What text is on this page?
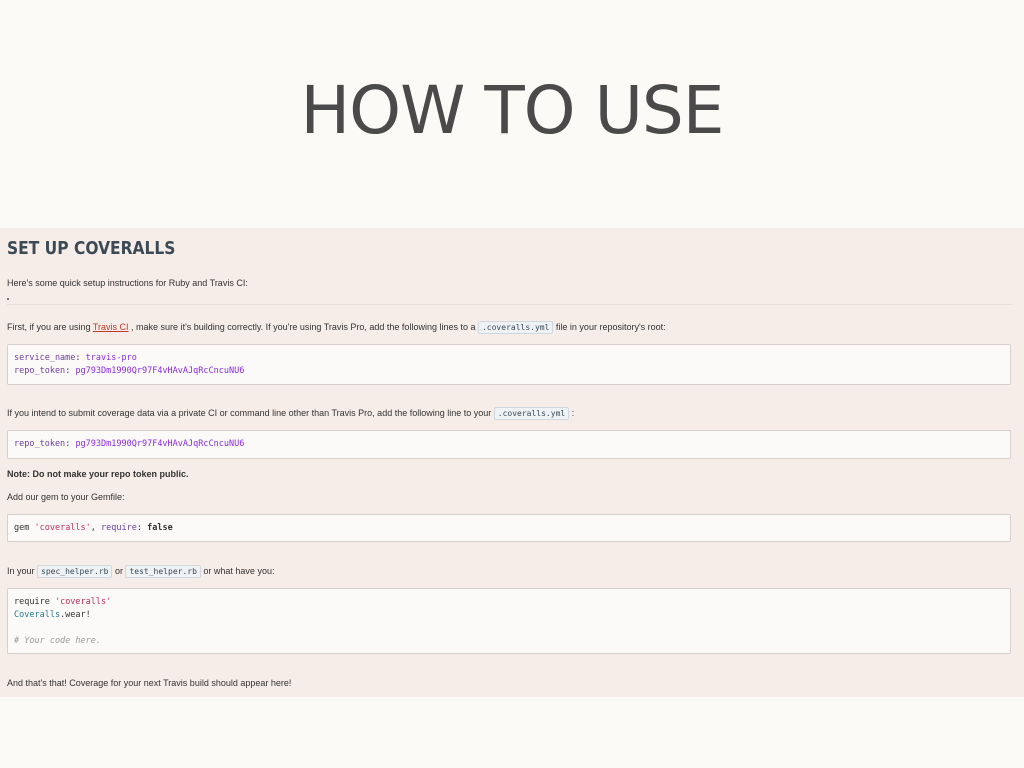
HOW TO USE
SET UP COVERALLS

Here's some quick setup instructions for Ruby and Travis CI:

First, if you are using Travis CI , make sure it's building correctly. If you're using Travis Pro, add the following lines to a .coveralls.yml file in your repository's root:

service_name: travis-pro
repo_token: pg793Dm1990Qr97F4vHAvAJqRcCncuNU6

If you intend to submit coverage data via a private CI or command line other than Travis Pro, add the following line to your .coveralls.yml :

repo_token: pg793Dm1990Qr97F4vHAvAJqRcCncuNU6

Note: Do not make your repo token public.

Add our gem to your Gemfile:

gem 'coveralls', require: false

In your spec_helper.rb or test_helper.rb or what have you:

require 'coveralls'
Coveralls.wear!
# Your code here.

And that's that! Coverage for your next Travis build should appear here!
